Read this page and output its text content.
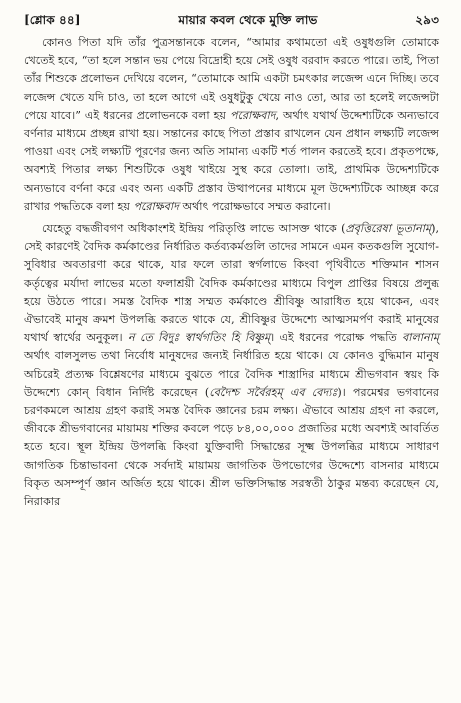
[শ্লোক ৪৪]	মায়ার কবল থেকে মুক্তি লাভ	২৯৩

কোনও পিতা যদি তাঁর পুত্রসন্তানকে বলেন, “আমার কথামতো এই ওষুধগুলি তোমাকে খেতেই হবে, “তা হলে সন্তান ভয় পেয়ে বিদ্রোহী হয়ে সেই ওষুধ বরবাদ করতে পারে। তাই, পিতা তাঁর শিশুকে প্রলোভন দেখিয়ে বলেন, “তোমাকে আমি একটা চমৎকার লজেন্স এনে দিচ্ছি। তবে লজেন্স খেতে যদি চাও, তা হলে আগে এই ওষুধটুকু খেয়ে নাও তো, আর তা হলেই লজেন্সটা পেয়ে যাবে।” এই ধরনের প্রলোভনকে বলা হয় পরোক্ষবাদ, অর্থাৎ যথার্থ উদ্দেশ্যটিকে অন্যভাবে বর্ণনার মাধ্যমে প্রচ্ছন্ন রাখা হয়। সন্তানের কাছে পিতা প্রস্তাব রাখলেন যেন প্রধান লক্ষ্যটি লজেন্স পাওয়া এবং সেই লক্ষ্যটি পূরণের জন্য অতি সামান্য একটি শর্ত পালন করতেই হবে। প্রকৃতপক্ষে, অবশ্যই পিতার লক্ষ্য শিশুটিকে ওষুধ খাইয়ে সুস্থ করে তোলা। তাই, প্রাথমিক উদ্দেশ্যটিকে অন্যভাবে বর্ণনা করে এবং অন্য একটি প্রস্তাব উত্থাপনের মাধ্যমে মূল উদ্দেশ্যটিকে আচ্ছন্ন করে রাখার পদ্ধতিকে বলা হয় পরোক্ষবাদ অর্থাৎ পরোক্ষভাবে সম্মত করানো।

যেহেতু বদ্ধজীবগণ অধিকাংশই ইন্দ্রিয় পরিতৃপ্তি লাভে আসক্ত থাকে (প্রবৃত্তিরেষা ভূতানাম্), সেই কারণেই বৈদিক কর্মকাণ্ডের নির্ধারিত কর্তব্যকর্মগুলি তাদের সামনে এমন কতকগুলি সুযোগ-সুবিধার অবতারণা করে থাকে, যার ফলে তারা স্বর্গলাভে কিংবা পৃথিবীতে শক্তিমান শাসন কর্তৃত্বের মর্যাদা লাভের মতো ফলাশ্রয়ী বৈদিক কর্মকাণ্ডের মাধ্যমে বিপুল প্রাপ্তির বিষয়ে প্রলুব্ধ হয়ে উঠতে পারে। সমস্ত বৈদিক শাস্ত্র সম্মত কর্মকাণ্ডে শ্রীবিষ্ণু আরাধিত হয়ে থাকেন, এবং ঐভাবেই মানুষ ক্রমশ উপলব্ধি করতে থাকে যে, শ্রীবিষ্ণুর উদ্দেশ্যে আত্মসমর্পণ করাই মানুষের যথার্থ স্বার্থের অনুকূল। ন তে বিদুঃ স্বার্থগতিং হি বিষ্ণুম্। এই ধরনের পরোক্ষ পদ্ধতি বালানাম্ অর্থাৎ বালসুলভ তথা নির্বোধ মানুষদের জন্যই নির্ধারিত হয়ে থাকে। যে কোনও বুদ্ধিমান মানুষ অচিরেই প্রত্যক্ষ বিশ্লেষণের মাধ্যমে বুঝতে পারে বৈদিক শাস্ত্রাদির মাধ্যমে শ্রীভগবান স্বয়ং কি উদ্দেশ্যে কোন্ বিধান নির্দিষ্ট করেছেন (বেদৈশ্চ সর্বৈরহম্ এব বেদ্যঃ)। পরমেশ্বর ভগবানের চরণকমলে আশ্রয় গ্রহণ করাই সমস্ত বৈদিক জ্ঞানের চরম লক্ষ্য। ঐভাবে আশ্রয় গ্রহণ না করলে, জীবকে শ্রীভগবানের মায়াময় শক্তির কবলে পড়ে ৮৪,০০,০০০ প্রজাতির মধ্যে অবশ্যই আবর্তিত হতে হবে। স্থূল ইন্দ্রিয় উপলব্ধি কিংবা যুক্তিবাদী সিদ্ধান্তের সূক্ষ্ম উপলব্ধির মাধ্যমে সাধারণ জাগতিক চিন্তাভাবনা থেকে সর্বদাই মায়াময় জাগতিক উপভোগের উদ্দেশ্যে বাসনার মাধ্যমে বিকৃত অসম্পূর্ণ জ্ঞান অর্জিত হয়ে থাকে। শ্রীল ভক্তিসিদ্ধান্ত সরস্বতী ঠাকুর মন্তব্য করেছেন যে, নিরাকার
